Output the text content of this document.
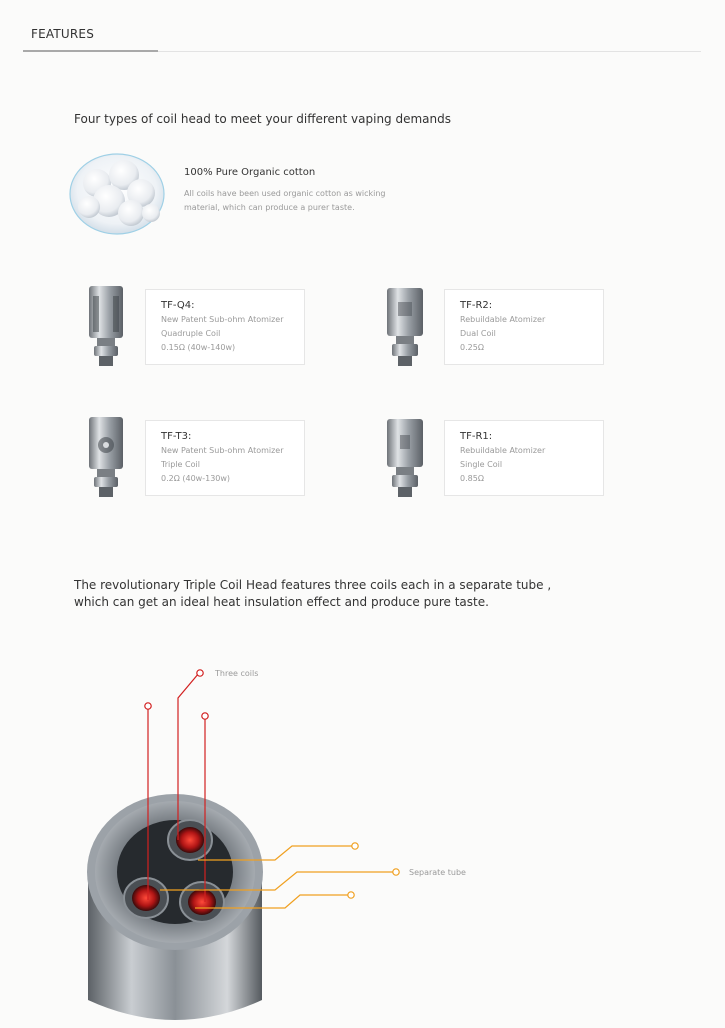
FEATURES
Four types of coil head to meet your different vaping demands
100% Pure Organic cotton
All coils have been used organic cotton as wicking material, which can produce a purer taste.
TF-Q4:
New Patent Sub-ohm Atomizer
Quadruple Coil
0.15Ω (40w-140w)
TF-R2:
Rebuildable Atomizer
Dual Coil
0.25Ω
TF-T3:
New Patent Sub-ohm Atomizer
Triple Coil
0.2Ω (40w-130w)
TF-R1:
Rebuildable Atomizer
Single Coil
0.85Ω
The revolutionary Triple Coil Head features three coils each in a separate tube ,
which can get an ideal heat insulation effect and produce pure taste.
Three coils
Separate tube
